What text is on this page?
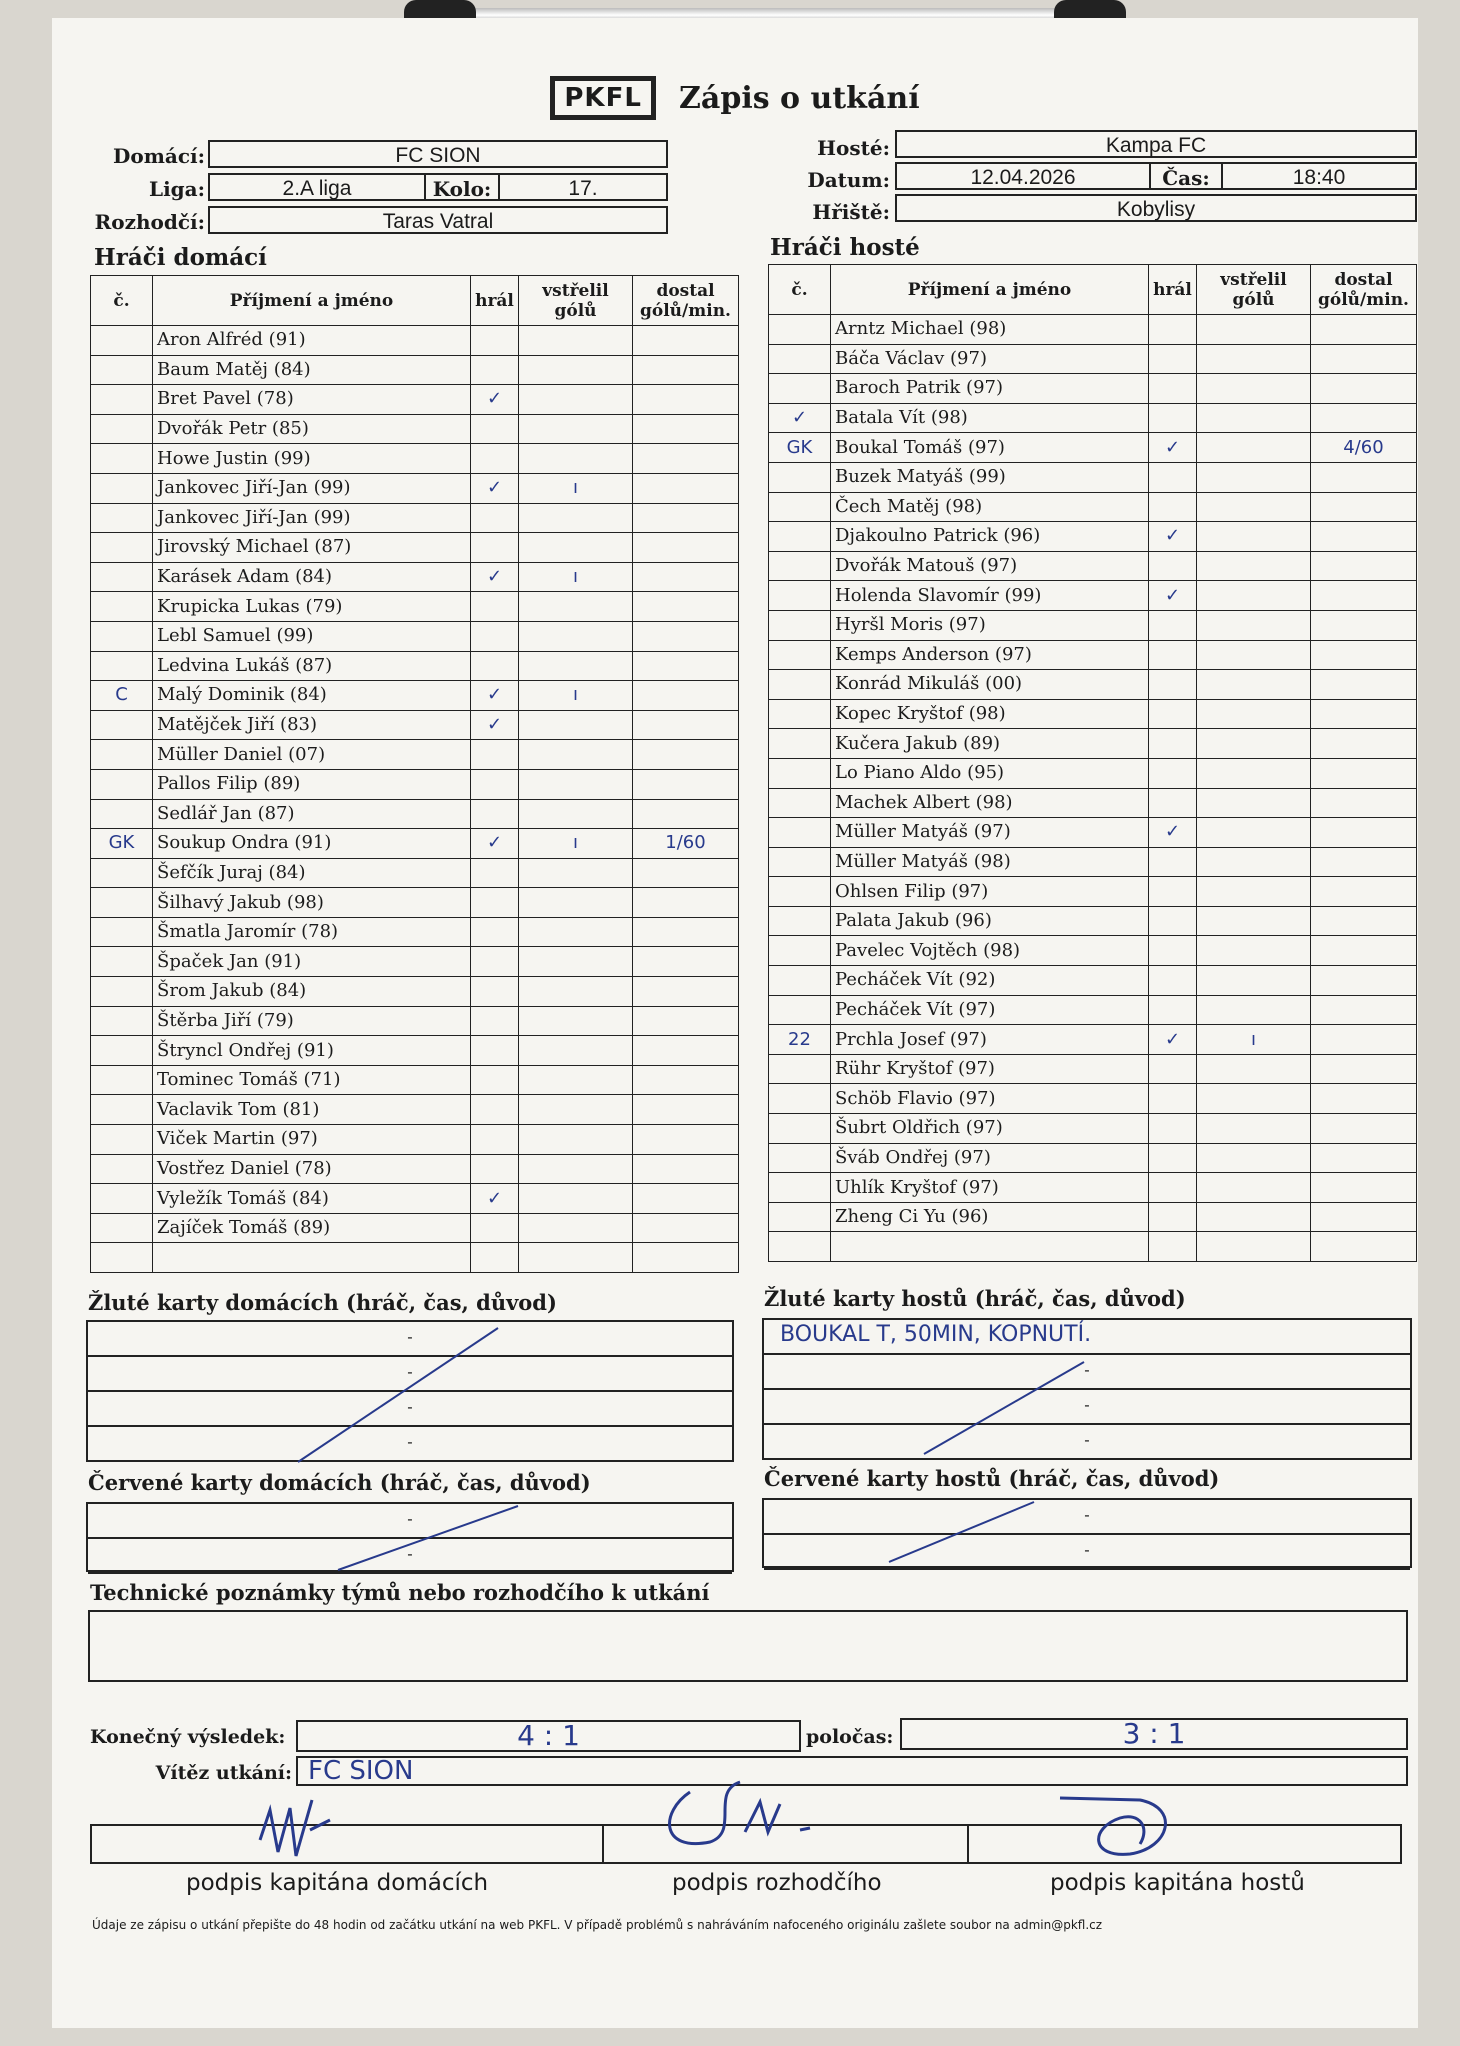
PKFL Zápis o utkání
Domácí:	FC SION
Liga:	2.A liga	Kolo:	17.
Rozhodčí:	Taras Vatral
Hosté:	Kampa FC
Datum:	12.04.2026	Čas:	18:40
Hřiště:	Kobylisy
Hráči domácí	Hráči hosté
č.	Příjmení a jméno	hrál	vstřelil gólů	dostal gólů/min.
	Aron Alfréd (91)			
	Baum Matěj (84)			
	Bret Pavel (78)	✓		
	Dvořák Petr (85)			
	Howe Justin (99)			
	Jankovec Jiří-Jan (99)	✓	ı	
	Jankovec Jiří-Jan (99)			
	Jirovský Michael (87)			
	Karásek Adam (84)	✓	ı	
	Krupicka Lukas (79)			
	Lebl Samuel (99)			
	Ledvina Lukáš (87)			
C	Malý Dominik (84)	✓	ı	
	Matějček Jiří (83)	✓		
	Müller Daniel (07)			
	Pallos Filip (89)			
	Sedlář Jan (87)			
GK	Soukup Ondra (91)	✓	ı	1/60
	Šefčík Juraj (84)			
	Šilhavý Jakub (98)			
	Šmatla Jaromír (78)			
	Špaček Jan (91)			
	Šrom Jakub (84)			
	Štěrba Jiří (79)			
	Štryncl Ondřej (91)			
	Tominec Tomáš (71)			
	Vaclavik Tom (81)			
	Viček Martin (97)			
	Vostřez Daniel (78)			
	Vyležík Tomáš (84)	✓		
	Zajíček Tomáš (89)			

č.	Příjmení a jméno	hrál	vstřelil gólů	dostal gólů/min.
	Arntz Michael (98)			
	Báča Václav (97)			
	Baroch Patrik (97)			
✓	Batala Vít (98)			
GK	Boukal Tomáš (97)	✓		4/60
	Buzek Matyáš (99)			
	Čech Matěj (98)			
	Djakoulno Patrick (96)	✓		
	Dvořák Matouš (97)			
	Holenda Slavomír (99)	✓		
	Hyršl Moris (97)			
	Kemps Anderson (97)			
	Konrád Mikuláš (00)			
	Kopec Kryštof (98)			
	Kučera Jakub (89)			
	Lo Piano Aldo (95)			
	Machek Albert (98)			
	Müller Matyáš (97)	✓		
	Müller Matyáš (98)			
	Ohlsen Filip (97)			
	Palata Jakub (96)			
	Pavelec Vojtěch (98)			
	Pecháček Vít (92)			
	Pecháček Vít (97)			
22	Prchla Josef (97)	✓	ı	
	Rühr Kryštof (97)			
	Schöb Flavio (97)			
	Šubrt Oldřich (97)			
	Šváb Ondřej (97)			
	Uhlík Kryštof (97)			
	Zheng Ci Yu (96)			

Žluté karty domácích (hráč, čas, důvod)
-
-
-
-
Žluté karty hostů (hráč, čas, důvod)
BOUKAL T, 50MIN, KOPNUTÍ.
-
-
-
Červené karty domácích (hráč, čas, důvod)
-
-
Červené karty hostů (hráč, čas, důvod)
-
-
Technické poznámky týmů nebo rozhodčího k utkání
Konečný výsledek:	4 : 1	poločas:	3 : 1
Vítěz utkání: FC SION
podpis kapitána domácích	podpis rozhodčího	podpis kapitána hostů
Údaje ze zápisu o utkání přepište do 48 hodin od začátku utkání na web PKFL. V případě problémů s nahráváním nafoceného originálu zašlete soubor na admin@pkfl.cz
